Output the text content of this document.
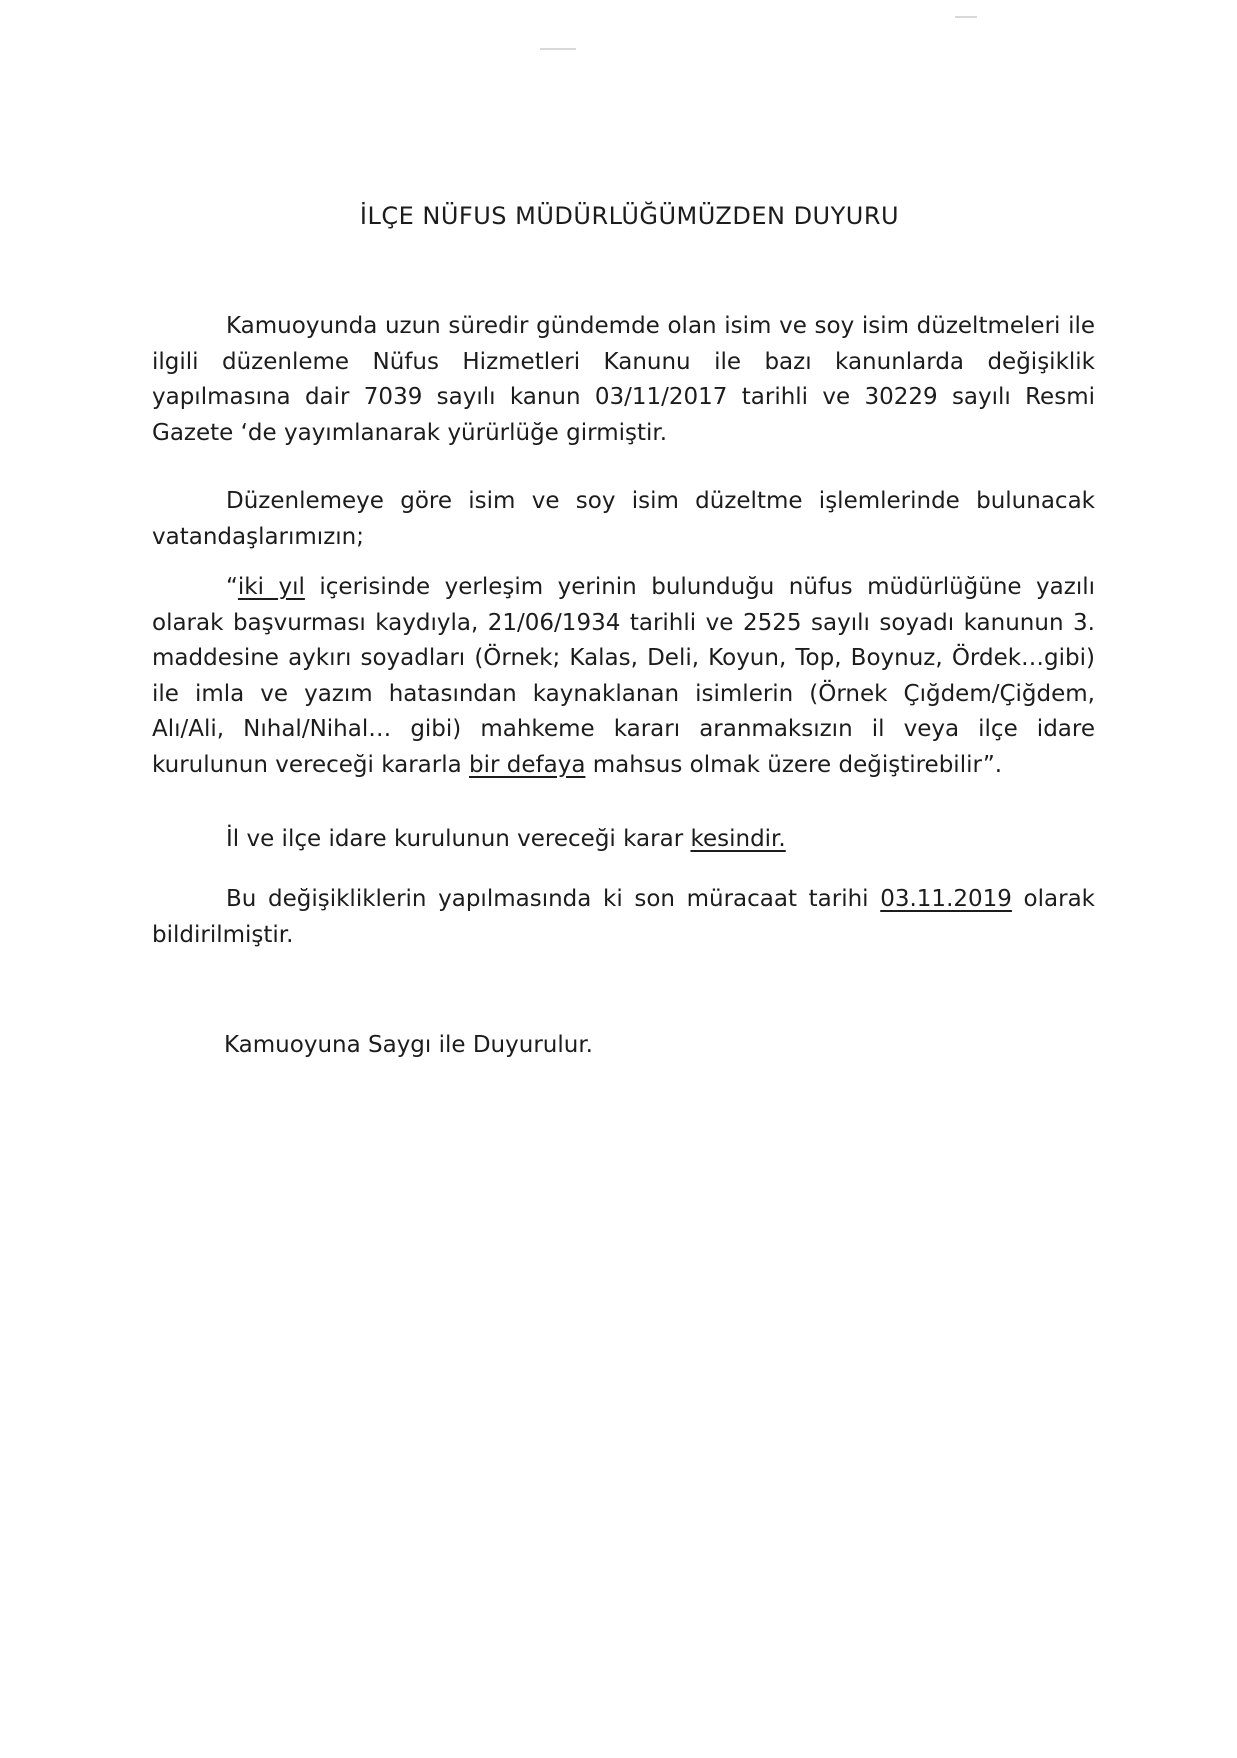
İLÇE NÜFUS MÜDÜRLÜĞÜMÜZDEN DUYURU
Kamuoyunda uzun süredir gündemde olan isim ve soy isim düzeltmeleri ile ilgili düzenleme Nüfus Hizmetleri Kanunu ile bazı kanunlarda değişiklik yapılmasına dair 7039 sayılı kanun 03/11/2017 tarihli ve 30229 sayılı Resmi Gazete ‘de yayımlanarak yürürlüğe girmiştir.
Düzenlemeye göre isim ve soy isim düzeltme işlemlerinde bulunacak vatandaşlarımızın;
“iki yıl içerisinde yerleşim yerinin bulunduğu nüfus müdürlüğüne yazılı olarak başvurması kaydıyla, 21/06/1934 tarihli ve 2525 sayılı soyadı kanunun 3. maddesine aykırı soyadları (Örnek; Kalas, Deli, Koyun, Top, Boynuz, Ördek…gibi) ile imla ve yazım hatasından kaynaklanan isimlerin (Örnek Çığdem/Çiğdem, Alı/Ali, Nıhal/Nihal… gibi) mahkeme kararı aranmaksızın il veya ilçe idare kurulunun vereceği kararla bir defaya mahsus olmak üzere değiştirebilir”.
İl ve ilçe idare kurulunun vereceği karar kesindir.
Bu değişikliklerin yapılmasında ki son müracaat tarihi 03.11.2019 olarak bildirilmiştir.
Kamuoyuna Saygı ile Duyurulur.
